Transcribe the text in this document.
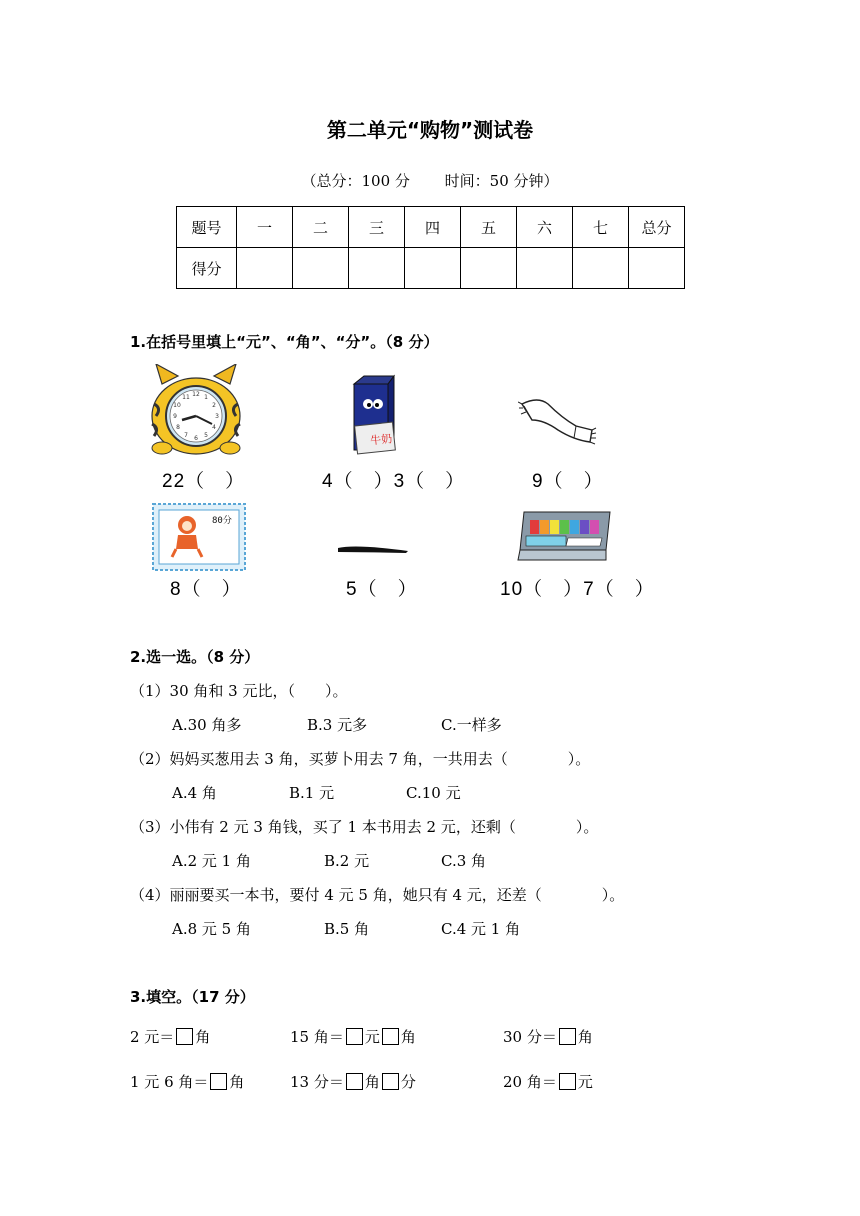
第二单元“购物”测试卷
（总分：100 分　　 时间：50 分钟）
题号	一	二	三	四	五	六	七	总分
得分								
1.在括号里填上“元”、“角”、“分”。（8 分）
12 1
2
3
4
5
6
7
8
9
10
11
牛奶
22（　）	4（　）3（　）	9（　）
80分
8（　）	5（　）	10（　）7（　）
2.选一选。（8 分）
（1）30 角和 3 元比，（　　）。
A.30 角多	B.3 元多	C.一样多
（2）妈妈买葱用去 3 角，买萝卜用去 7 角，一共用去（　　　　）。
A.4 角	B.1 元	C.10 元
（3）小伟有 2 元 3 角钱，买了 1 本书用去 2 元，还剩（　　　　）。
A.2 元 1 角	B.2 元	C.3 角
（4）丽丽要买一本书，要付 4 元 5 角，她只有 4 元，还差（　　　　）。
A.8 元 5 角	B.5 角	C.4 元 1 角
3.填空。（17 分）
2 元＝ 角	15 角＝ 元 角	30 分＝ 角
1 元 6 角＝ 角	13 分＝ 角 分	20 角＝ 元
